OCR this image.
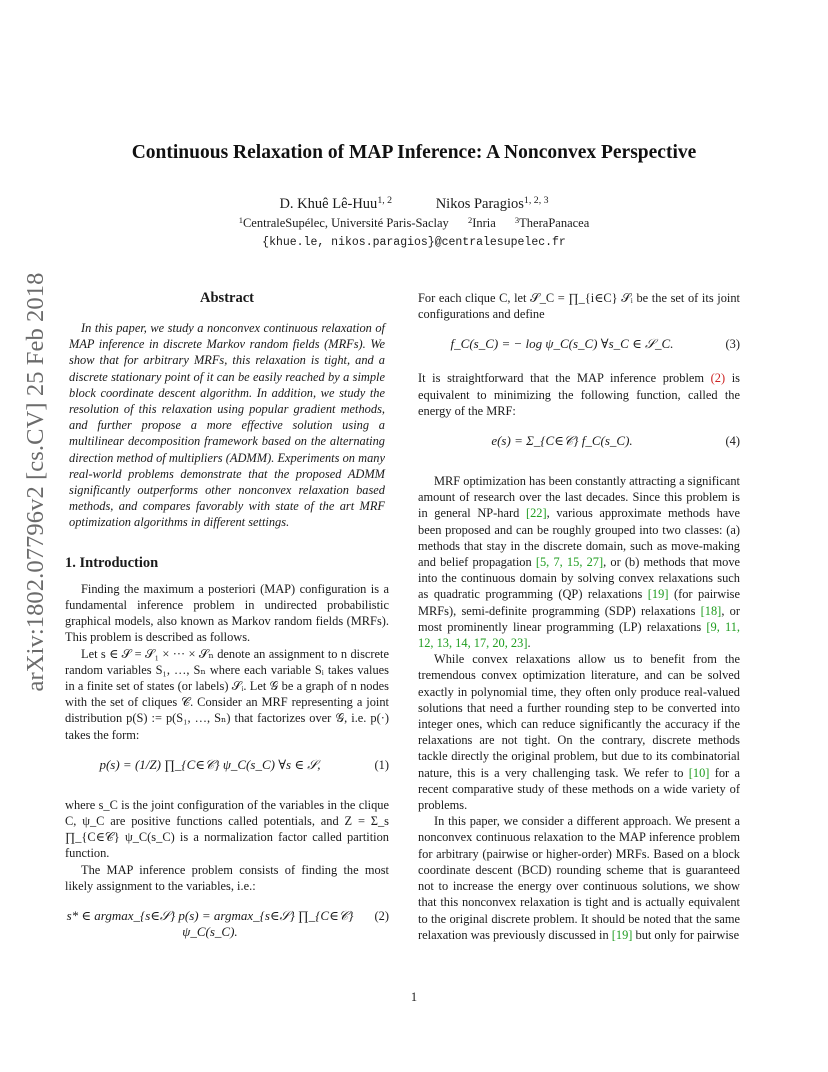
arXiv:1802.07796v2 [cs.CV] 25 Feb 2018
Continuous Relaxation of MAP Inference: A Nonconvex Perspective
D. Khuê Lê-Huu$^{1, 2}$	Nikos Paragios$^{1, 2, 3}$
$^1$CentraleSupélec, Université Paris-Saclay $^2$Inria $^3$TheraPanacea
{khue.le, nikos.paragios}@centralesupelec.fr
Abstract

In this paper, we study a nonconvex continuous relaxation of MAP inference in discrete Markov random fields (MRFs). We show that for arbitrary MRFs, this relaxation is tight, and a discrete stationary point of it can be easily reached by a simple block coordinate descent algorithm. In addition, we study the resolution of this relaxation using popular gradient methods, and further propose a more effective solution using a multilinear decomposition framework based on the alternating direction method of multipliers (ADMM). Experiments on many real-world problems demonstrate that the proposed ADMM significantly outperforms other nonconvex relaxation based methods, and compares favorably with state of the art MRF optimization algorithms in different settings.

1. Introduction

Finding the maximum a posteriori (MAP) configuration is a fundamental inference problem in undirected probabilistic graphical models, also known as Markov random fields (MRFs). This problem is described as follows.

Let s ∈ 𝒮 = 𝒮₁ × ··· × 𝒮ₙ denote an assignment to n discrete random variables S₁, …, Sₙ where each variable Sᵢ takes values in a finite set of states (or labels) 𝒮ᵢ. Let 𝒢 be a graph of n nodes with the set of cliques 𝒞. Consider an MRF representing a joint distribution p(S) := p(S₁, …, Sₙ) that factorizes over 𝒢, i.e. p(·) takes the form:

p(s) = (1/Z) ∏_{C∈𝒞} ψ_C(s_C) ∀s ∈ 𝒮,	(1)

where s_C is the joint configuration of the variables in the clique C, ψ_C are positive functions called potentials, and Z = Σ_s ∏_{C∈𝒞} ψ_C(s_C) is a normalization factor called partition function.

The MAP inference problem consists of finding the most likely assignment to the variables, i.e.:

s* ∈ argmax_{s∈𝒮} p(s) = argmax_{s∈𝒮} ∏_{C∈𝒞} ψ_C(s_C).
(2)

For each clique C, let 𝒮_C = ∏_{i∈C} 𝒮ᵢ be the set of its joint configurations and define

f_C(s_C) = − log ψ_C(s_C) ∀s_C ∈ 𝒮_C.	(3)

It is straightforward that the MAP inference problem (2) is equivalent to minimizing the following function, called the energy of the MRF:

e(s) = Σ_{C∈𝒞} f_C(s_C).	(4)

MRF optimization has been constantly attracting a significant amount of research over the last decades. Since this problem is in general NP-hard [22], various approximate methods have been proposed and can be roughly grouped into two classes: (a) methods that stay in the discrete domain, such as move-making and belief propagation [5, 7, 15, 27], or (b) methods that move into the continuous domain by solving convex relaxations such as quadratic programming (QP) relaxations [19] (for pairwise MRFs), semi-definite programming (SDP) relaxations [18], or most prominently linear programming (LP) relaxations [9, 11, 12, 13, 14, 17, 20, 23].

While convex relaxations allow us to benefit from the tremendous convex optimization literature, and can be solved exactly in polynomial time, they often only produce real-valued solutions that need a further rounding step to be converted into integer ones, which can reduce significantly the accuracy if the relaxations are not tight. On the contrary, discrete methods tackle directly the original problem, but due to its combinatorial nature, this is a very challenging task. We refer to [10] for a recent comparative study of these methods on a wide variety of problems.

In this paper, we consider a different approach. We present a nonconvex continuous relaxation to the MAP inference problem for arbitrary (pairwise or higher-order) MRFs. Based on a block coordinate descent (BCD) rounding scheme that is guaranteed not to increase the energy over continuous solutions, we show that this nonconvex relaxation is tight and is actually equivalent to the original discrete problem. It should be noted that the same relaxation was previously discussed in [19] but only for pairwise

1
